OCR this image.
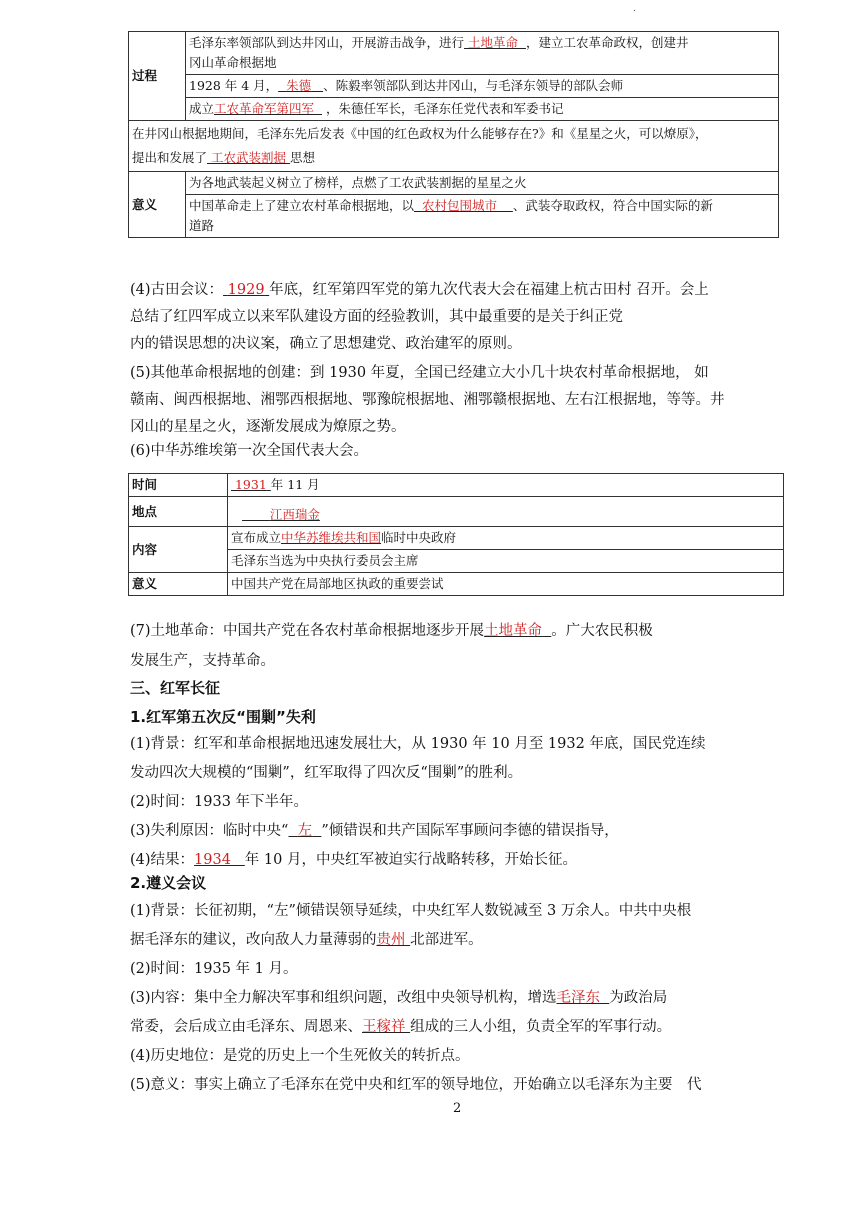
.
过程	毛泽东率领部队到达井冈山，开展游击战争，进行 土地革命 ，建立工农革命政权，创建井
冈山革命根据地
	1928 年 4 月， 朱德 、陈毅率领部队到达井冈山，与毛泽东领导的部队会师
	成立工农革命军第四军 ，朱德任军长，毛泽东任党代表和军委书记
在井冈山根据地期间，毛泽东先后发表《中国的红色政权为什么能够存在?》和《星星之火，可以燎原》，
提出和发展了 工农武装割据 思想	
意义	为各地武装起义树立了榜样，点燃了工农武装割据的星星之火
	中国革命走上了建立农村革命根据地，以 农村包围城市 、武装夺取政权，符合中国实际的新
道路
(4)古田会议： 1929 年底，红军第四军党的第九次代表大会在福建上杭古田村 召开。会上
总结了红四军成立以来军队建设方面的经验教训，其中最重要的是关于纠正党
内的错误思想的决议案，确立了思想建党、政治建军的原则。
(5)其他革命根据地的创建：到 1930 年夏，全国已经建立大小几十块农村革命根据地， 如
赣南、闽西根据地、湘鄂西根据地、鄂豫皖根据地、湘鄂赣根据地、左右江根据地，等等。井
冈山的星星之火，逐渐发展成为燎原之势。
(6)中华苏维埃第一次全国代表大会。
时间	1931 年 11 月
地点	江西瑞金
内容	宣布成立中华苏维埃共和国临时中央政府
	毛泽东当选为中央执行委员会主席
意义	中国共产党在局部地区执政的重要尝试
(7)土地革命：中国共产党在各农村革命根据地逐步开展土地革命 。广大农民积极
发展生产，支持革命。
三、红军长征
1.红军第五次反“围剿”失利
(1)背景：红军和革命根据地迅速发展壮大，从 1930 年 10 月至 1932 年底，国民党连续
发动四次大规模的“围剿”，红军取得了四次反“围剿”的胜利。
(2)时间：1933 年下半年。
(3)失利原因：临时中央“ 左 ”倾错误和共产国际军事顾问李德的错误指导，
(4)结果：1934 年 10 月，中央红军被迫实行战略转移，开始长征。
2.遵义会议
(1)背景：长征初期，“左”倾错误领导延续，中央红军人数锐减至 3 万余人。中共中央根
据毛泽东的建议，改向敌人力量薄弱的贵州 北部进军。
(2)时间：1935 年 1 月。
(3)内容：集中全力解决军事和组织问题，改组中央领导机构，增选毛泽东 为政治局
常委，会后成立由毛泽东、周恩来、王稼祥 组成的三人小组，负责全军的军事行动。
(4)历史地位：是党的历史上一个生死攸关的转折点。
(5)意义：事实上确立了毛泽东在党中央和红军的领导地位，开始确立以毛泽东为主要　代
2
